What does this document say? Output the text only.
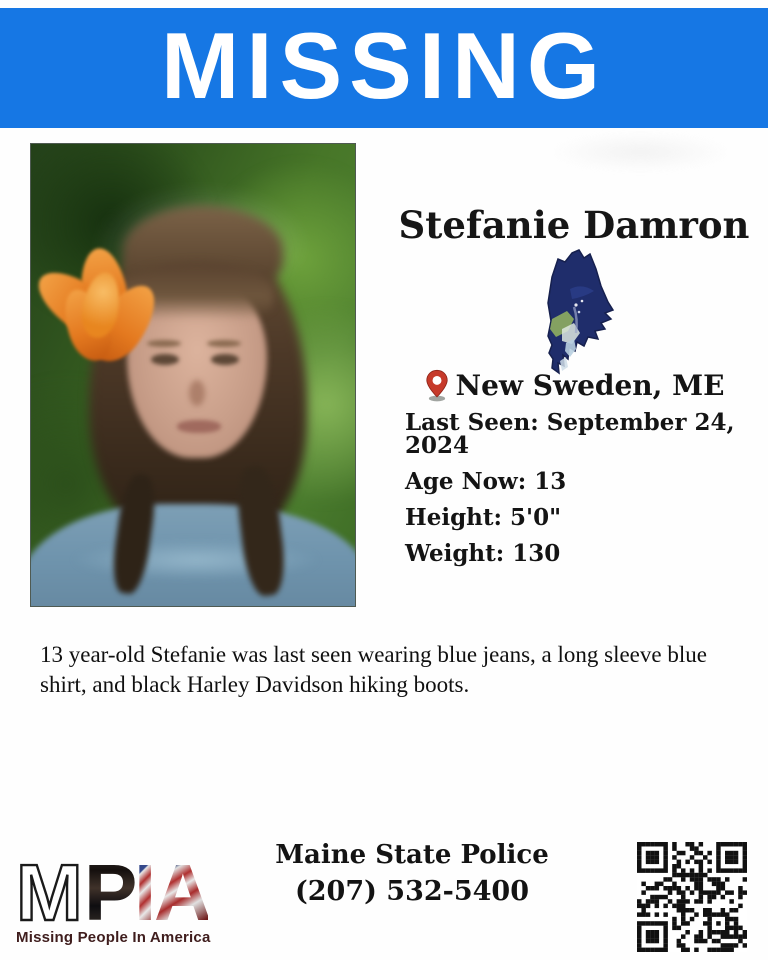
MISSING
Stefanie Damron
New Sweden, ME
Last Seen: September 24, 2024
Age Now: 13
Height: 5'0"
Weight: 130
13 year-old Stefanie was last seen wearing blue jeans, a long sleeve blue shirt, and black Harley Davidson hiking boots.
M P
I
A
Missing People In America
Maine State Police
(207) 532-5400
